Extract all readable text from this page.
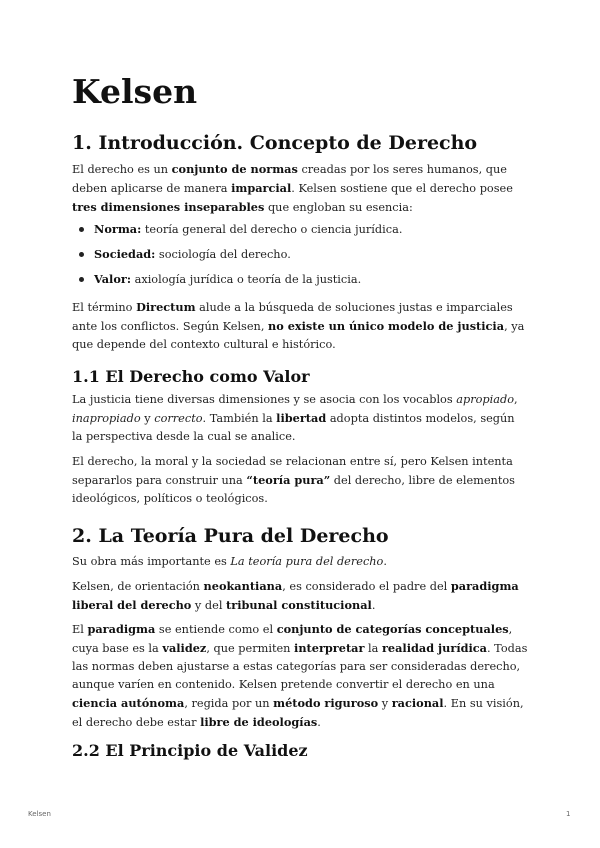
Kelsen
1. Introducción. Concepto de Derecho

El derecho es un conjunto de normas creadas por los seres humanos, que deben aplicarse de manera imparcial. Kelsen sostiene que el derecho posee tres dimensiones inseparables que engloban su esencia:

Norma: teoría general del derecho o ciencia jurídica.
Sociedad: sociología del derecho.
Valor: axiología jurídica o teoría de la justicia.

El término Directum alude a la búsqueda de soluciones justas e imparciales ante los conflictos. Según Kelsen, no existe un único modelo de justicia, ya que depende del contexto cultural e histórico.

1.1 El Derecho como Valor

La justicia tiene diversas dimensiones y se asocia con los vocablos apropiado, inapropiado y correcto. También la libertad adopta distintos modelos, según la perspectiva desde la cual se analice.

El derecho, la moral y la sociedad se relacionan entre sí, pero Kelsen intenta separarlos para construir una “teoría pura” del derecho, libre de elementos ideológicos, políticos o teológicos.

2. La Teoría Pura del Derecho

Su obra más importante es La teoría pura del derecho.

Kelsen, de orientación neokantiana, es considerado el padre del paradigma liberal del derecho y del tribunal constitucional.

El paradigma se entiende como el conjunto de categorías conceptuales, cuya base es la validez, que permiten interpretar la realidad jurídica. Todas las normas deben ajustarse a estas categorías para ser consideradas derecho, aunque varíen en contenido. Kelsen pretende convertir el derecho en una ciencia autónoma, regida por un método riguroso y racional. En su visión, el derecho debe estar libre de ideologías.

2.2 El Principio de Validez
Kelsen	1
